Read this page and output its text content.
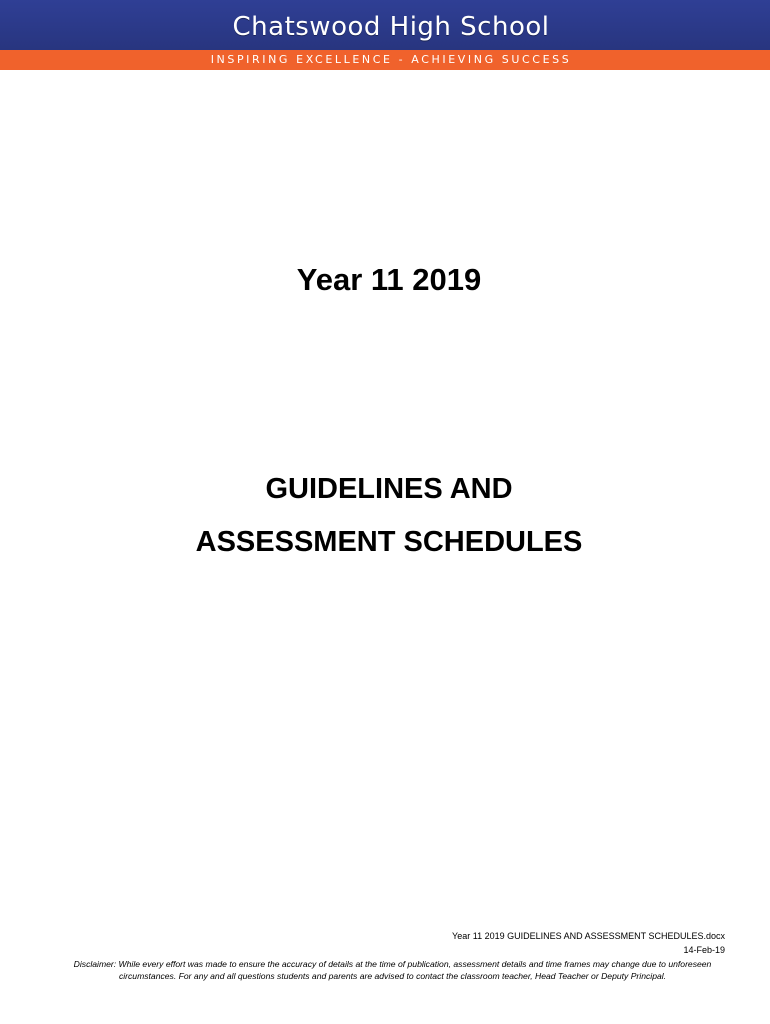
Chatswood High School
INSPIRING EXCELLENCE - ACHIEVING SUCCESS
Year 11 2019
GUIDELINES AND
ASSESSMENT SCHEDULES
Year 11 2019 GUIDELINES AND ASSESSMENT SCHEDULES.docx
14-Feb-19
Disclaimer: While every effort was made to ensure the accuracy of details at the time of publication, assessment details and time frames may change due to unforeseen circumstances. For any and all questions students and parents are advised to contact the classroom teacher, Head Teacher or Deputy Principal.
